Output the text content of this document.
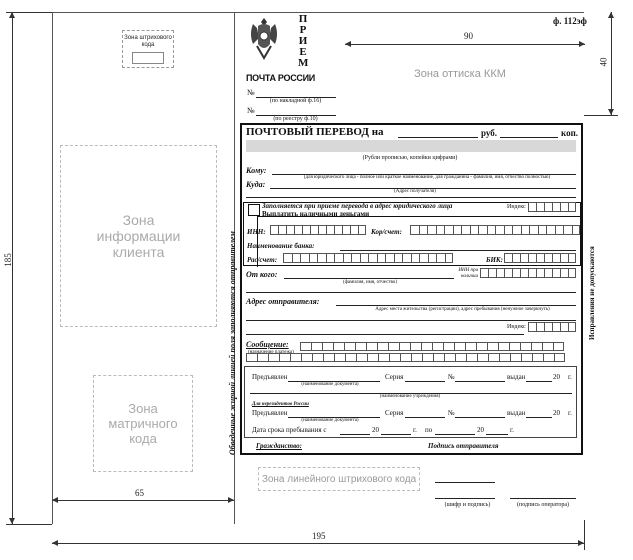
Зона штрихового кода
Зона информации клиента
Зона матричного кода	Обведенные жирной линией поля заполняются отправителем
185
65
195
90
40
ф. 112эф
П
Р
И
Е
М
ПОЧТА РОССИИ
№
(по накладной ф.16)
№
(по реестру ф.10)
Зона оттиска ККМ
ПОЧТОВЫЙ ПЕРЕВОД на	руб.	коп.
(Рубли прописью, копейки цифрами)
Кому:
(для юридического лица - полное или краткое наименование, для гражданина - фамилия, имя, отчество полностью)
Куда:
(Адрес получателя)
Заполняется при приеме перевода в адрес юридического лица
Выплатить наличными деньгами
Индекс
ИНН:	Кор/счет:
Наименование банка:
Рас/счет:	БИК:
От кого:	ИНН при наличии
(фамилия, имя, отчество)
Адрес отправителя:
Адрес места жительства (регистрации), адрес пребывания (ненужное зачеркнуть)
Индекс
Сообщение:
(назначение платежа)
Предъявлен	Серия	№	выдан	20 г.
(наименование документа)
(наименование учреждения)
Для нерезидентов России
Предъявлен	Серия	№	выдан	20 г.
(наименование документа)
Дата срока пребывания с	20	г. по	20	г.
Гражданство:	Подпись отправителя
Исправления не допускаются
Зона линейного штрихового кода
(шифр и подпись)	(подпись оператора)
